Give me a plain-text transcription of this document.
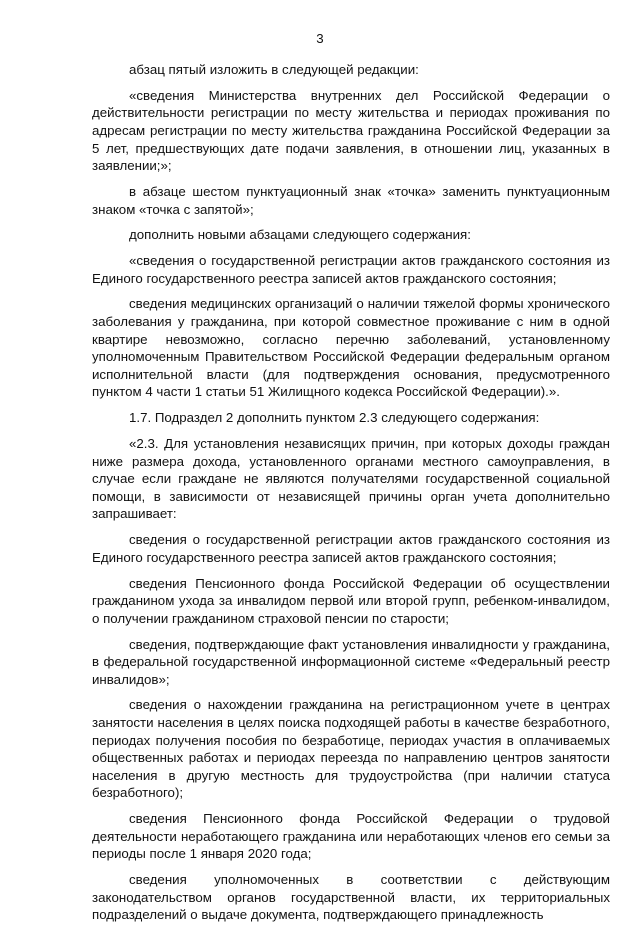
3

абзац пятый изложить в следующей редакции:

«сведения Министерства внутренних дел Российской Федерации о действительности регистрации по месту жительства и периодах проживания по адресам регистрации по месту жительства гражданина Российской Федерации за 5 лет, предшествующих дате подачи заявления, в отношении лиц, указанных в заявлении;»;

в абзаце шестом пунктуационный знак «точка» заменить пунктуационным знаком «точка с запятой»;

дополнить новыми абзацами следующего содержания:

«сведения о государственной регистрации актов гражданского состояния из Единого государственного реестра записей актов гражданского состояния;

сведения медицинских организаций о наличии тяжелой формы хронического заболевания у гражданина, при которой совместное проживание с ним в одной квартире невозможно, согласно перечню заболеваний, установленному уполномоченным Правительством Российской Федерации федеральным органом исполнительной власти (для подтверждения основания, предусмотренного пунктом 4 части 1 статьи 51 Жилищного кодекса Российской Федерации).».

1.7. Подраздел 2 дополнить пунктом 2.3 следующего содержания:

«2.3. Для установления независящих причин, при которых доходы граждан ниже размера дохода, установленного органами местного самоуправления, в случае если граждане не являются получателями государственной социальной помощи, в зависимости от независящей причины орган учета дополнительно запрашивает:

сведения о государственной регистрации актов гражданского состояния из Единого государственного реестра записей актов гражданского состояния;

сведения Пенсионного фонда Российской Федерации об осуществлении гражданином ухода за инвалидом первой или второй групп, ребенком-инвалидом, о получении гражданином страховой пенсии по старости;

сведения, подтверждающие факт установления инвалидности у гражданина, в федеральной государственной информационной системе «Федеральный реестр инвалидов»;

сведения о нахождении гражданина на регистрационном учете в центрах занятости населения в целях поиска подходящей работы в качестве безработного, периодах получения пособия по безработице, периодах участия в оплачиваемых общественных работах и периодах переезда по направлению центров занятости населения в другую местность для трудоустройства (при наличии статуса безработного);

сведения Пенсионного фонда Российской Федерации о трудовой деятельности неработающего гражданина или неработающих членов его семьи за периоды после 1 января 2020 года;

сведения уполномоченных в соответствии с действующим законодательством органов государственной власти, их территориальных подразделений о выдаче документа, подтверждающего принадлежность
